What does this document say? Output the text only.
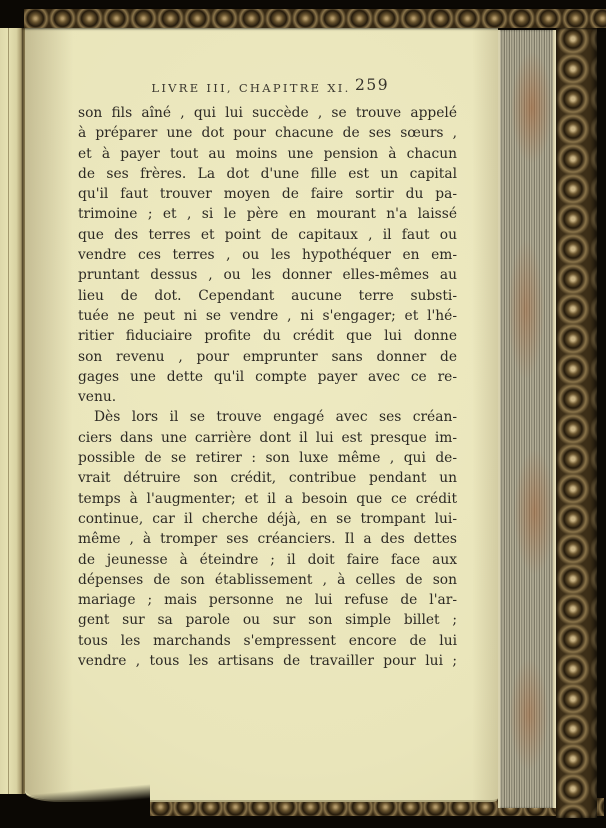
LIVRE III, CHAPITRE XI. 259
son fils aîné , qui lui succède , se trouve appelé
à préparer une dot pour chacune de ses sœurs ,
et à payer tout au moins une pension à chacun
de ses frères. La dot d'une fille est un capital
qu'il faut trouver moyen de faire sortir du pa-
trimoine ; et , si le père en mourant n'a laissé
que des terres et point de capitaux , il faut ou
vendre ces terres , ou les hypothéquer en em-
pruntant dessus , ou les donner elles-mêmes au
lieu de dot. Cependant aucune terre substi-
tuée ne peut ni se vendre , ni s'engager; et l'hé-
ritier fiduciaire profite du crédit que lui donne
son revenu , pour emprunter sans donner de
gages une dette qu'il compte payer avec ce re-
venu.
Dès lors il se trouve engagé avec ses créan-
ciers dans une carrière dont il lui est presque im-
possible de se retirer : son luxe même , qui de-
vrait détruire son crédit, contribue pendant un
temps à l'augmenter; et il a besoin que ce crédit
continue, car il cherche déjà, en se trompant lui-
même , à tromper ses créanciers. Il a des dettes
de jeunesse à éteindre ; il doit faire face aux
dépenses de son établissement , à celles de son
mariage ; mais personne ne lui refuse de l'ar-
gent sur sa parole ou sur son simple billet ;
tous les marchands s'empressent encore de lui
vendre , tous les artisans de travailler pour lui ;
